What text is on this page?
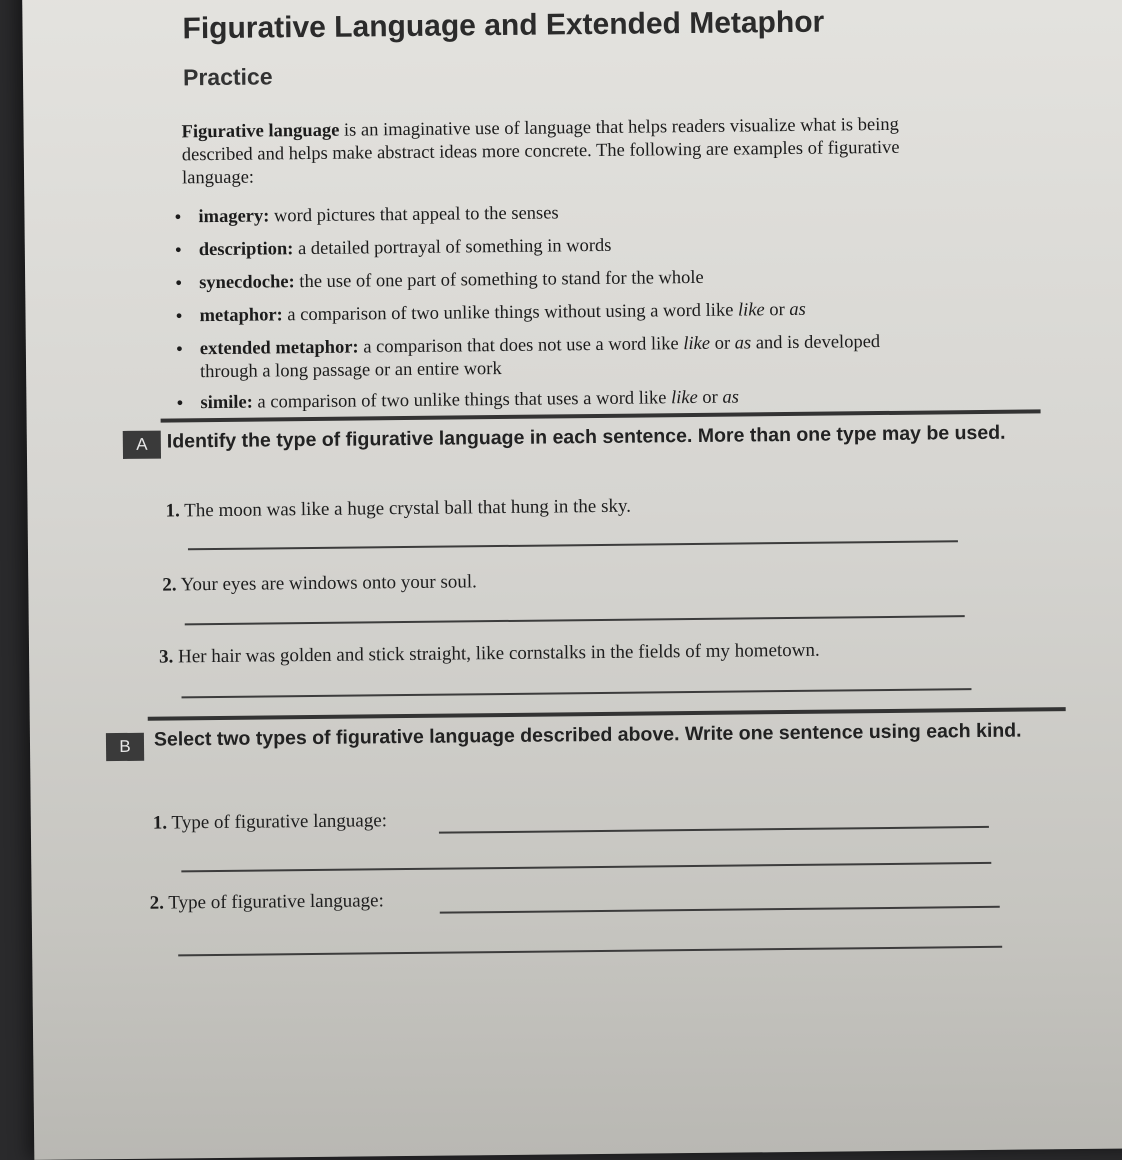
Figurative Language and Extended Metaphor
Practice
Figurative language is an imaginative use of language that helps readers visualize what is being described and helps make abstract ideas more concrete. The following are examples of figurative language:
• imagery: word pictures that appeal to the senses
• description: a detailed portrayal of something in words
• synecdoche: the use of one part of something to stand for the whole
• metaphor: a comparison of two unlike things without using a word like like or as
• extended metaphor: a comparison that does not use a word like like or as and is developed through a long passage or an entire work
• simile: a comparison of two unlike things that uses a word like like or as
A Identify the type of figurative language in each sentence. More than one type may be used.
1. The moon was like a huge crystal ball that hung in the sky.
2. Your eyes are windows onto your soul.
3. Her hair was golden and stick straight, like cornstalks in the fields of my hometown.
B	Select two types of figurative language described above. Write one sentence using each kind.
1. Type of figurative language:
2. Type of figurative language:
